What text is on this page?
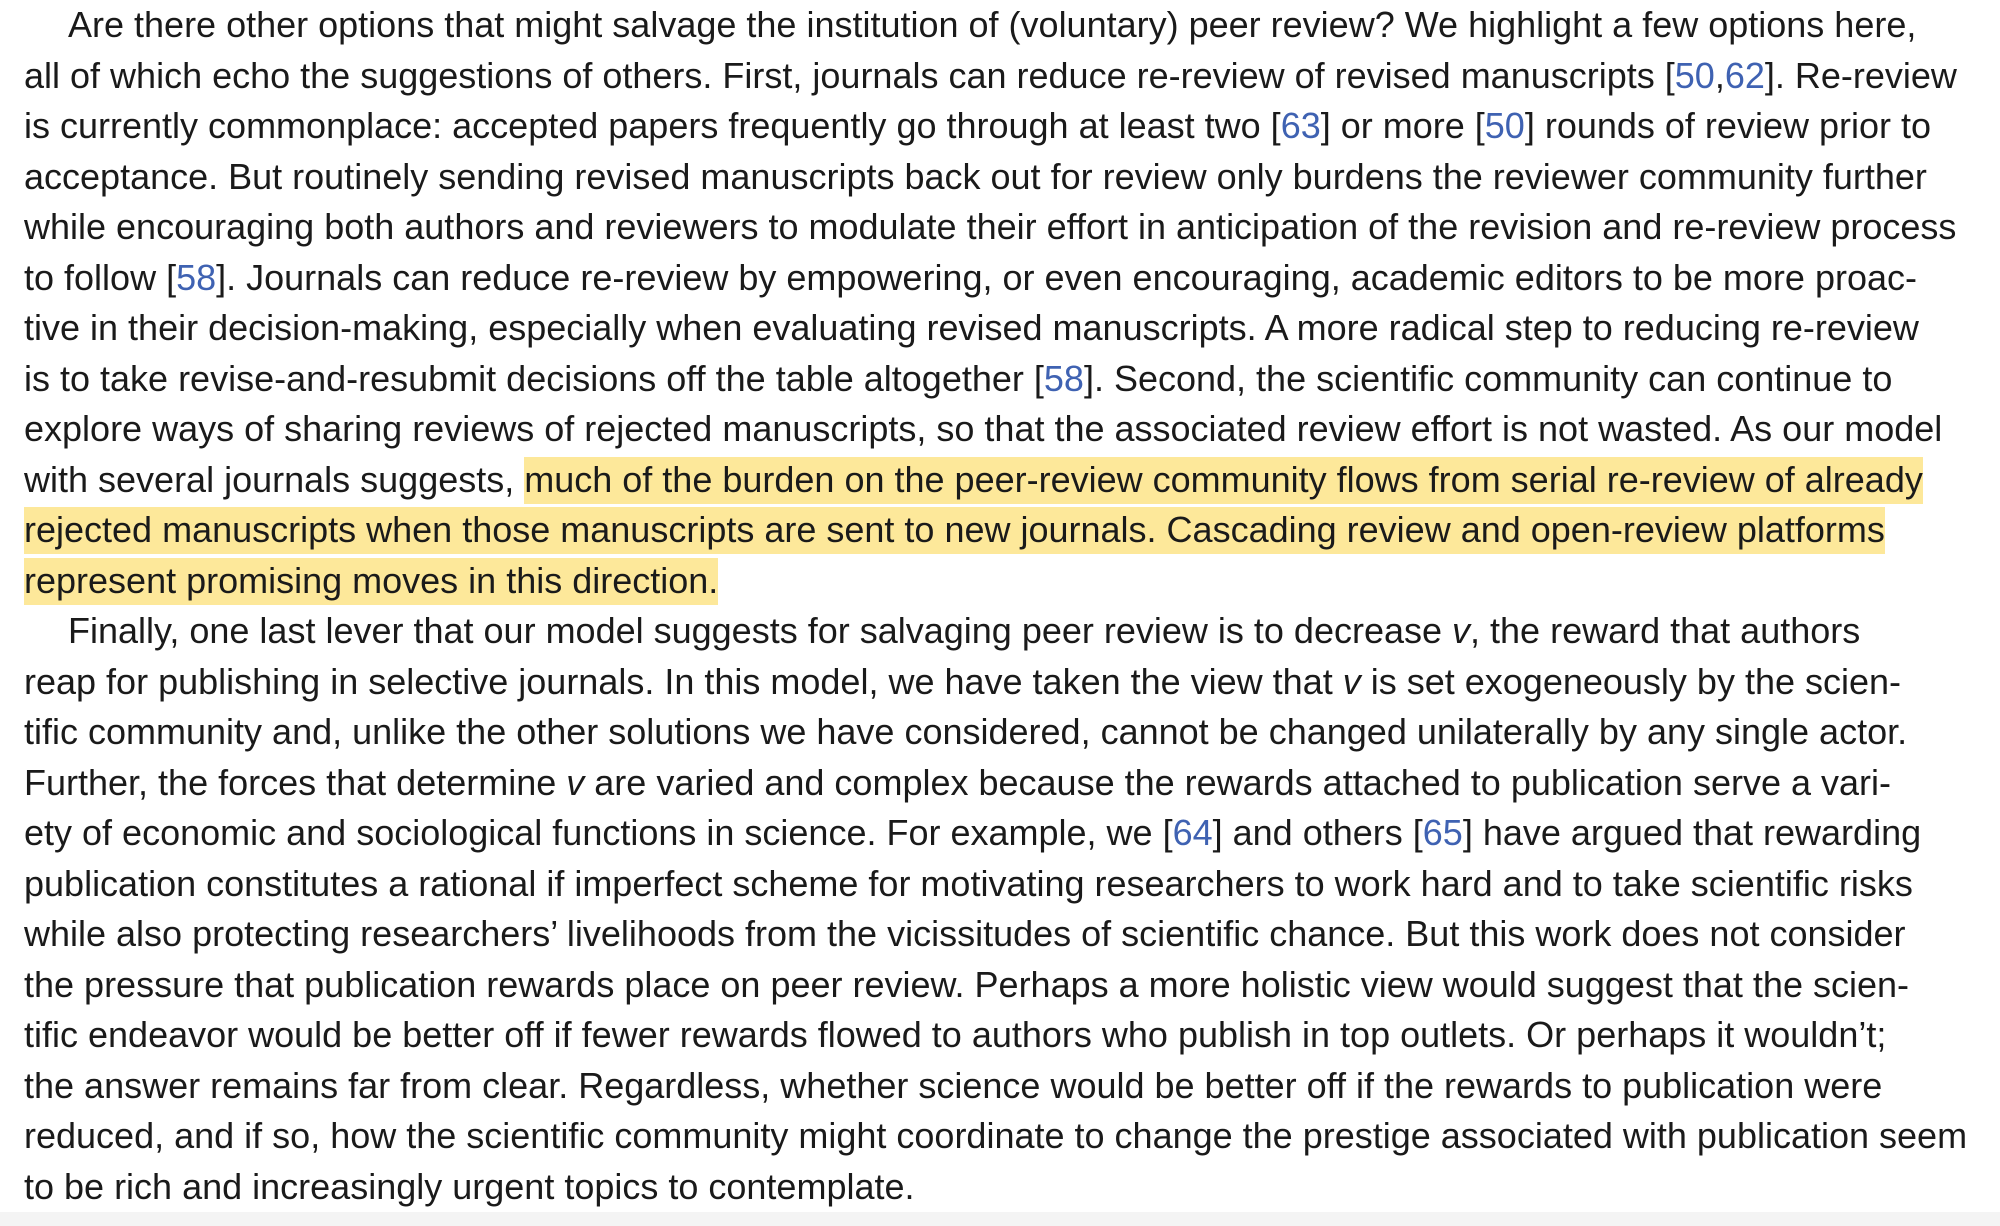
Are there other options that might salvage the institution of (voluntary) peer review? We highlight a few options here,
all of which echo the suggestions of others. First, journals can reduce re-review of revised manuscripts [50,62]. Re-review
is currently commonplace: accepted papers frequently go through at least two [63] or more [50] rounds of review prior to
acceptance. But routinely sending revised manuscripts back out for review only burdens the reviewer community further
while encouraging both authors and reviewers to modulate their effort in anticipation of the revision and re-review process
to follow [58]. Journals can reduce re-review by empowering, or even encouraging, academic editors to be more proac-
tive in their decision-making, especially when evaluating revised manuscripts. A more radical step to reducing re-review
is to take revise-and-resubmit decisions off the table altogether [58]. Second, the scientific community can continue to
explore ways of sharing reviews of rejected manuscripts, so that the associated review effort is not wasted. As our model
with several journals suggests, much of the burden on the peer-review community flows from serial re-review of already
rejected manuscripts when those manuscripts are sent to new journals. Cascading review and open-review platforms
represent promising moves in this direction.
Finally, one last lever that our model suggests for salvaging peer review is to decrease v, the reward that authors
reap for publishing in selective journals. In this model, we have taken the view that v is set exogeneously by the scien-
tific community and, unlike the other solutions we have considered, cannot be changed unilaterally by any single actor.
Further, the forces that determine v are varied and complex because the rewards attached to publication serve a vari-
ety of economic and sociological functions in science. For example, we [64] and others [65] have argued that rewarding
publication constitutes a rational if imperfect scheme for motivating researchers to work hard and to take scientific risks
while also protecting researchers’ livelihoods from the vicissitudes of scientific chance. But this work does not consider
the pressure that publication rewards place on peer review. Perhaps a more holistic view would suggest that the scien-
tific endeavor would be better off if fewer rewards flowed to authors who publish in top outlets. Or perhaps it wouldn’t;
the answer remains far from clear. Regardless, whether science would be better off if the rewards to publication were
reduced, and if so, how the scientific community might coordinate to change the prestige associated with publication seem
to be rich and increasingly urgent topics to contemplate.
